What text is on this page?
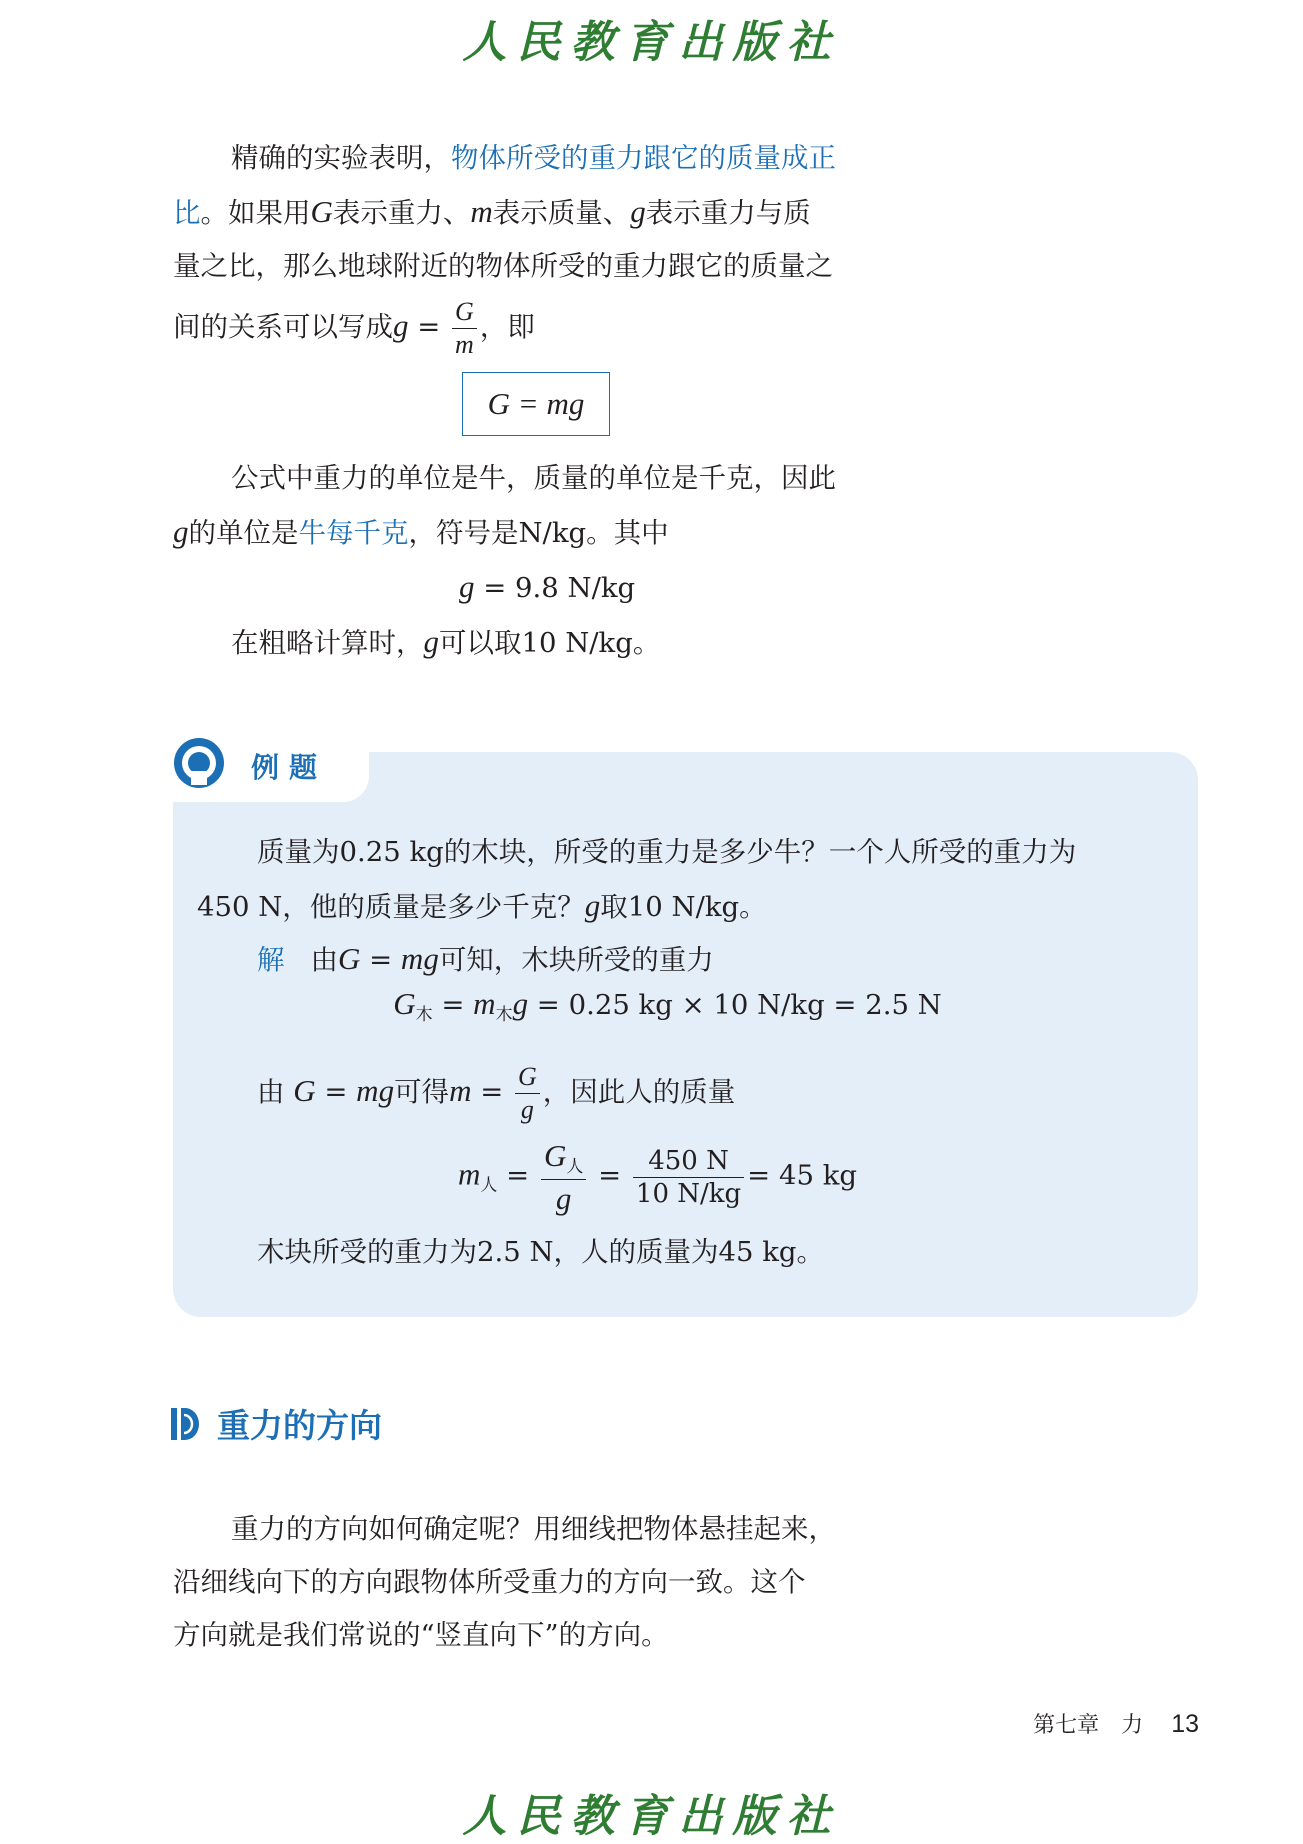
人民教育出版社
精确的实验表明，物体所受的重力跟它的质量成正
比。如果用G表示重力、m表示质量、g表示重力与质
量之比，那么地球附近的物体所受的重力跟它的质量之
间的关系可以写成$g = \frac{G}{m}$ ，即
G = mg
公式中重力的单位是牛，质量的单位是千克，因此
g的单位是牛每千克，符号是N/kg。其中
g = 9.8 N/kg
在粗略计算时，g可以取10 N/kg。
例题
质量为0.25 kg的木块，所受的重力是多少牛？一个人所受的重力为
450 N，他的质量是多少千克？g取10 N/kg。
解 由G = mg可知，木块所受的重力
$G_木 = m_木g = 0.25$ kg × 10 N/kg = 2.5 N
由 G = mg可得$m = \frac{G}{g}$ ，因此人的质量
$m_人 = \frac{G_人}{g} = \frac{450 N}{10 N/kg} = 45$ kg
木块所受的重力为2.5 N，人的质量为45 kg。
重力的方向
重力的方向如何确定呢？用细线把物体悬挂起来，
沿细线向下的方向跟物体所受重力的方向一致。这个
方向就是我们常说的“竖直向下”的方向。
第七章　力 13
人民教育出版社
